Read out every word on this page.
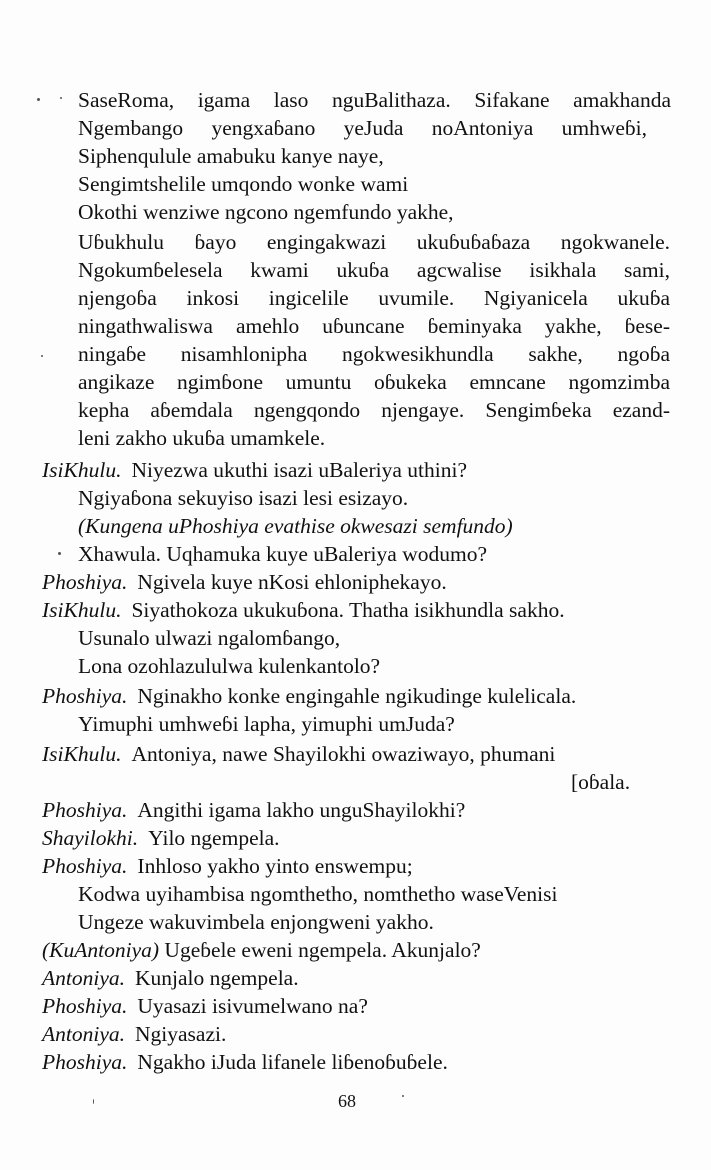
SaseRoma, igama laso nguBalithaza. Sifakane amakhanda
Ngembango yengxaɓano yeJuda noAntoniya umhweɓi,
Siphenqulule amabuku kanye naye,
Sengimtshelile umqondo wonke wami
Okothi wenziwe ngcono ngemfundo yakhe,
Uɓukhulu ɓayo engingakwazi ukuɓuɓaɓaza ngokwanele.
Ngokumɓelesela kwami ukuɓa agcwalise isikhala sami,
njengoɓa inkosi ingicelile uvumile. Ngiyanicela ukuɓa
ningathwaliswa amehlo uɓuncane ɓeminyaka yakhe, ɓese-
ningaɓe nisamhlonipha ngokwesikhundla sakhe, ngoɓa
angikaze ngimɓone umuntu oɓukeka emncane ngomzimba
kepha aɓemdala ngengqondo njengaye. Sengimɓeka ezand-
leni zakho ukuɓa umamkele.
IsiKhulu. Niyezwa ukuthi isazi uBaleriya uthini?
Ngiyaɓona sekuyiso isazi lesi esizayo.
(Kungena uPhoshiya evathise okwesazi semfundo)
Xhawula. Uqhamuka kuye uBaleriya wodumo?
Phoshiya. Ngivela kuye nKosi ehloniphekayo.
IsiKhulu. Siyathokoza ukukuɓona. Thatha isikhundla sakho.
Usunalo ulwazi ngalomɓango,
Lona ozohlazululwa kulenkantolo?
Phoshiya. Nginakho konke engingahle ngikudinge kulelicala.
Yimuphi umhweɓi lapha, yimuphi umJuda?
IsiKhulu. Antoniya, nawe Shayilokhi owaziwayo, phumani
[oɓala.
Phoshiya. Angithi igama lakho unguShayilokhi?
Shayilokhi. Yilo ngempela.
Phoshiya. Inhloso yakho yinto enswempu;
Kodwa uyihambisa ngomthetho, nomthetho waseVenisi
Ungeze wakuvimbela enjongweni yakho.
(KuAntoniya) Ugeɓele eweni ngempela. Akunjalo?
Antoniya. Kunjalo ngempela.
Phoshiya. Uyasazi isivumelwano na?
Antoniya. Ngiyasazi.
Phoshiya. Ngakho iJuda lifanele liɓenoɓuɓele.
68
